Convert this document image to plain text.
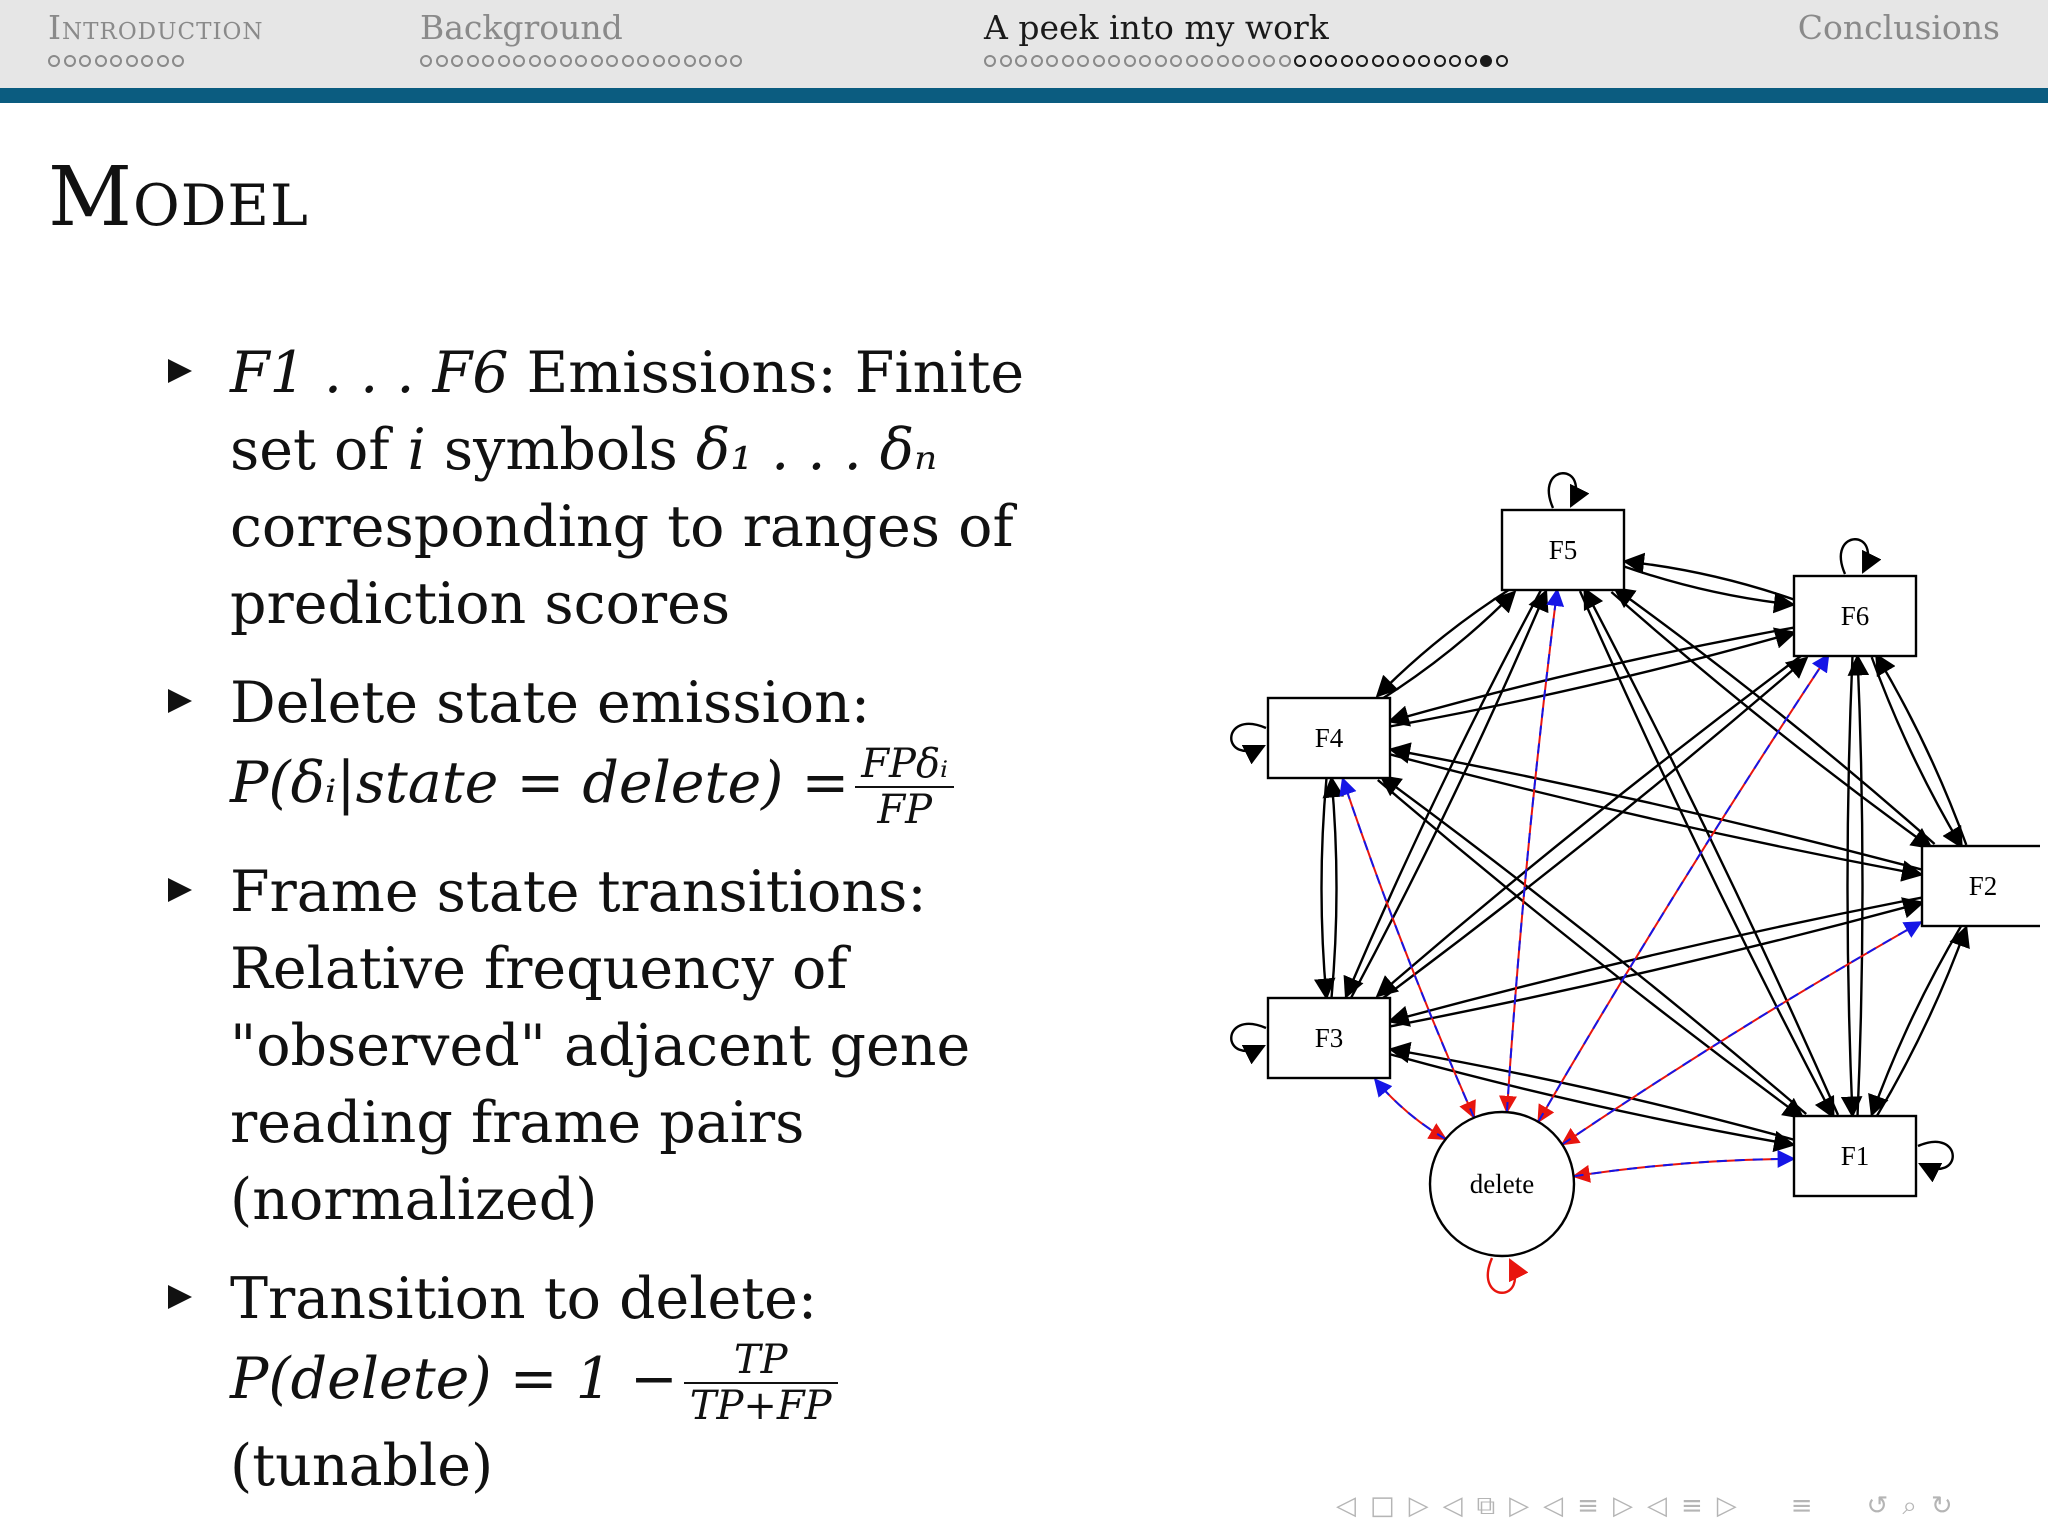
Introduction	Background	A peek into my work	Conclusions
Model
F1 . . . F6 Emissions: Finite
set of i symbols δ₁ . . . δₙ
corresponding to ranges of
prediction scores
Delete state emission:
P(δᵢ|state = delete) = $\frac{\text{FPδᵢ}}{FP}$
Frame state transitions:
Relative frequency of
"observed" adjacent gene
reading frame pairs
(normalized)
Transition to delete:
P(delete) = $1 - \frac{TP}{TP+FP}$
(tunable)
F5
F6
F4
F2
F3
F1
delete
◁ □ ▷ ◁ ⧉ ▷ ◁ ≡ ▷ ◁ ≡ ▷ ≡ ↺ ⌕ ↻
